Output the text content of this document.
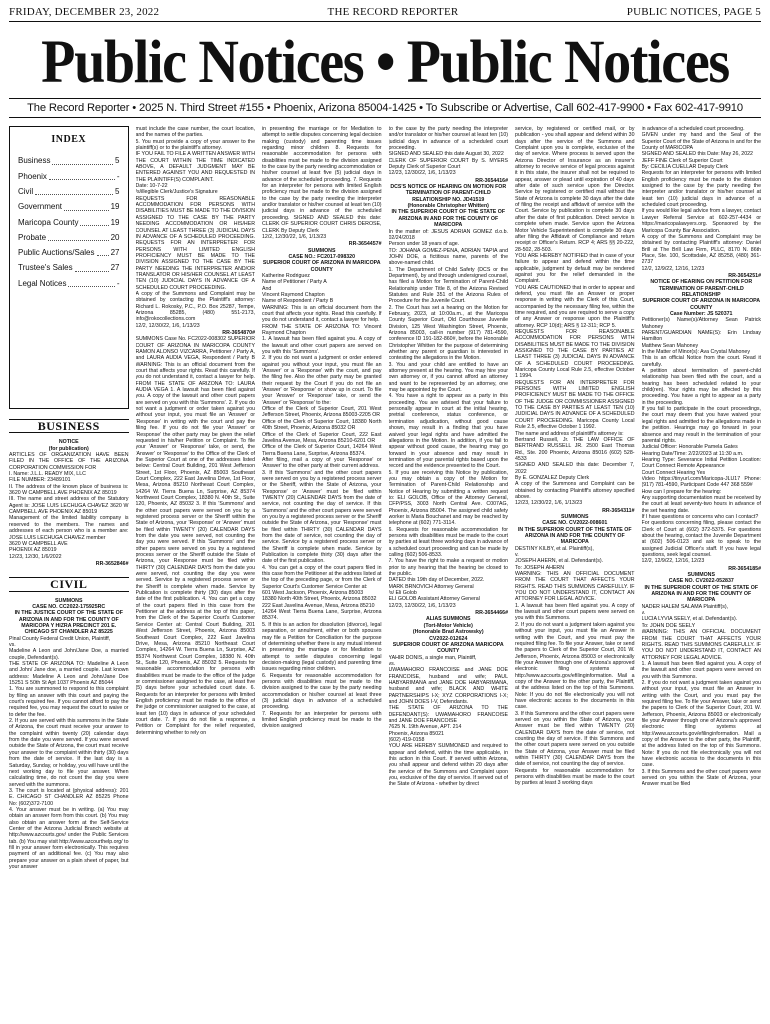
FRIDAY, DECEMBER 23, 2022	THE RECORD REPORTER	PUBLIC NOTICES, PAGE 5
Public Notices • Public Notices
The Record Reporter • 2025 N. Third Street #155 • Phoenix, Arizona 85004-1425 • To Subscribe or Advertise, Call 602-417-9900 • Fax 602-417-9910
INDEX
Business	5
Phoenix	-
Civil	5
Government	19
Maricopa County	19
Probate	20
Public Auctions/Sales 27
Trustee's Sales	27
Legal Notices	-
BUSINESS

NOTICE

(for publication)

ARTICLES OF ORGANIZATION HAVE BEEN FILED IN THE OFFICE OF THE ARIZONA CORPORATION COMMISSION FOR

I. Name: J.L.L. READY MIX, LLC

FILE NUMBER: 23489101

II. The address of the known place of business is: 3620 W CAMPBELL AVE PHOENIX AZ 85019

III. The name and street address of the Statutory Agent is: JOSE LUIS LECHUGA CHAVEZ 3620 W CAMPBELL AVE PHOENIX AZ 85019

Management of the limited liability company is reserved to the members. The names and addresses of each person who is a member are: JOSE LUIS LECHUGA CHAVEZ member

3620 W CAMPBELL AVE

PHOENIX AZ 85019

12/23, 12/30, 1/6/2022

RR-3652846#

CIVIL

SUMMONS

CASE NO. CC2022-175925RC

IN THE JUSTICE COURT OF THE STATE OF ARIZONA IN AND FOR THE COUNTY OF MARICOPA Y HIZRA PRECINCT 201 E. CHICAGO ST CHANDLER AZ 85225

Pinal County Federal Credit Union, Plaintiff,

vs.

Madeline A Leon and John/Jane Doe, a married couple, Defendant(s).

THE STATE OF ARIZONA TO: Madeline A Leon and John/ Jane doe, a married couple. Last known address: Madeline A Leon and John/Jane Doe 15251 S 50th St Apt 1037 Phoenix AZ 85044

1. You are summoned to respond to this complaint by filing an answer with this court and paying the court's required fee. If you cannot afford to pay the required fee, you may request the court to waive or to defer the fee.

2. If you are served with this summons in the State of Arizona, the court must receive your answer to the complaint within twenty (20) calendar days from the date you were served. If you were served outside the State of Arizona, the court must receive your answer to the complaint within thirty (30) days from the date of service. If the last day is a Saturday, Sunday, or holiday, you will have until the next working day to file your answer. When calculating time, do not count the day you were served with the summons.

3. The court is located at (physical address): 201 E. CHICAGO ST CHANDLER AZ 85225 Phone No: (602)372-7100

4. Your answer must be in writing. (a) You may obtain an answer form from this court. (b) You may also obtain an answer form at the Self-Service Center of the Arizona Judicial Branch website at http://www.azcourts.gov/ under the Public Services tab. (b) You may visit http://www.azcourthelp.org/ to fill in your answer form electronically. This requires payment of an additional fee. (c) You may also prepare your answer on a plain sheet of paper, but your answer

must include the case number, the court location, and the names of the parties.

5. You must provide a copy of your answer to the plaintiff(s) or to the plaintiff's attorney.

IF YOU FAIL TO FILE A WRITTEN ANSWER WITH THE COURT WITHIN THE TIME INDICATED ABOVE, A DEFAULT JUDGMENT MAY BE ENTERED AGAINST YOU AND REQUESTED IN THE PLAINTIFF(S) COMPLAINT.

Date: 10-7-22

/s/illegible Clerk/Justice's Signature

REQUESTS FOR REASONABLE ACCOMMODATION FOR PERSONS WITH DISABILITIES MUST BE MADE TO THE DIVISION ASSIGNED TO THE CASE BY THE PARTY NEEDING ACCOMMODATION OR HIS/HER COUNSEL AT LEAST THREE (3) JUDICIAL DAYS IN ADVANCE OF A SCHEDULED PROCEEDING. REQUESTS FOR AN INTERPRETER FOR PERSONS WITH LIMITED ENGLISH PROFICIENCY MUST BE MADE TO THE DIVISION ASSIGNED TO THE CASE BY THE PARTY NEEDING THE INTERPRETER AND/OR TRANSLATOR OR HIS/HER COUNSEL AT LEAST TEN (10) JUDICIAL DAYS IN ADVANCE OF A SCHEDULED COURT PROCEEDING.

A copy of the Summons and Complaint may be obtained by contacting the Plaintiff's attorney: Richard L. Rokosky, P.C., P.O. Box 25287, Tempe, Arizona 85285, (480) 551-2173, info@rokocollections.com

12/2, 12/30/22, 1/6, 1/13/23

RR-3654870#

SUMMONS Case No. FC2022-008302 SUPERIOR COURT OF ARIZONA IN MARICOPA COUNTY RAMON ALONSO VIZCARRA, Petitioner / Party A, and LAURA AUDIA VEGA, Respondent / Party B WARNING: This is an official document from the court that affects your rights. Read this carefully. If you do not understand it, contact a lawyer for help. FROM THE STATE OF ARIZONA TO: LAURA AUDIA VEGA 1. A lawsuit has been filed against you. A copy of the lawsuit and other court papers are served on you with this 'Summons'. 2. If you do not want a judgment or order taken against you without your input, you must file an 'Answer' or 'Response' in writing with the court and pay the filing fee. If you do not file your 'Answer' or 'Response' the other party may be given the relief requested in his/her Petition or Complaint. To file your 'Answer' or 'Response' take, or send, the 'Answer' or 'Response' to the Office of the Clerk of the Superior Court at one of the addresses listed below: Central Court Building, 201 West Jefferson Street, 1st Floor, Phoenix, AZ 85003 Southeast Court Complex, 222 East Javelina Drive, 1st Floor, Mesa, Arizona 85210 Northeast Court Complex, 14264 W. Tierra Buena Ln, Surprise, AZ 85374 Northwest Court Complex, 18380 N. 40th St., Suite 120, Phoenix, AZ 85032 3. If this 'Summons' and the other court papers were served on you by a registered process server or the Sheriff within the State of Arizona, your 'Response' or 'Answer' must be filed within TWENTY (20) CALENDAR DAYS from the date you were served, not counting the day you were served. If this 'Summons' and the other papers were served on you by a registered process server or the Sheriff outside the State of Arizona, your Response must be filed within THIRTY (30) CALENDAR DAYS from the date you were served, not counting the day you were served. Service by a registered process server or the Sheriff is complete when made. Service by Publication is complete thirty (30) days after the date of the first publication. 4. You can get a copy of the court papers filed in this case from the Petitioner at the address at the top of this paper, from the Clerk of the Superior Court's Customer Service Center at: Central Court Building, 201 West Jefferson Street, Phoenix, Arizona 85003 Southeast Court Complex, 222 East Javelina Drive, Mesa, Arizona 85210 Northeast Court Complex, 14264 W. Tierra Buena Ln, Surprise, AZ 85374 Northwest Court Complex, 18380 N. 40th St., Suite 120, Phoenix, AZ 85032 5. Requests for reasonable accommodation for persons with disabilities must be made to the office of the judge or commissioner assigned to the case, at least five (5) days before your scheduled court date. 6. Requests for an interpreter for persons with limited English proficiency must be made to the office of the judge or commissioner assigned to the case, at least ten (10) days in advance of your scheduled court date. 7. If you do not file a response, a Petition or Complaint for the relief requested, determining whether to rely on

in presenting the marriage or for Mediation to attempt to settle disputes concerning legal decision making (custody) and parenting time issues regarding minor children 8. Requests for reasonable accommodation for persons with disabilities must be made to the division assigned to the case by the party needing accommodation or his/her counsel at least five (5) judicial days in advance of the scheduled proceeding. 7. Requests for an interpreter for persons with limited English proficiency must be made to the division assigned to the case by the party needing the interpreter and/or translator or his/her counsel at least ten (10) judicial days in advance of the scheduled proceeding. SIGNED AND SEALED this date: CLERK OF SUPERIOR COURT CHRIS DEROSE, CLERK By Deputy Clerk

12/2, 12/30/22, 1/6, 1/13/23

RR-3654457#

SUMMONS

CASE NO.: FC2017-098320

SUPERIOR COURT OF ARIZONA IN MARICOPA COUNTY

Katherine Rodriguez

Name of Petitioner / Party A

And

Vincent Raymond Chapton

Name of Respondent / Party B

WARNING: This is an official document from the court that affects your rights. Read this carefully. If you do not understand it, contact a lawyer for help.

FROM THE STATE OF ARIZONA TO: Vincent Raymond Chapton

1. A lawsuit has been filed against you. A copy of the lawsuit and other court papers are served on you with this 'Summons'.

2. If you do not want a judgment or order entered against you without your input, you must file an 'Answer' or a 'Response' with the court, and pay the filing fee. Also the other party may be granted their request by the Court if you do not file an 'Answer' or 'Response' or show up in court. To file your 'Answer' or 'Response' take, or send the 'Answer' or 'Response' to the:

Office of the Clerk of Superior Court, 201 West Jefferson Street, Phoenix, Arizona 85003-2205 OR

Office of the Clerk of Superior Court, 18380 North 40th Street, Phoenix, Arizona 85032 OR

Office of the Clerk of Superior Court, 222 East Javelina Avenue, Mesa, Arizona 85210-6201 OR

Office of the Clerk of Superior Court, 14264 West Tierra Buena Lane, Surprise, Arizona 85374.

After filing, mail a copy of your 'Response' or 'Answer' to the other party at their current address.

3. If this 'Summons' and the other court papers were served on you by a registered process server or the Sheriff, within the State of Arizona, your 'Response' or 'Answer' must be filed within TWENTY (20) CALENDAR DAYS from the date of service, not counting the day of service. If this 'Summons' and the other court papers were served on you by a registered process server or the Sheriff outside the State of Arizona, your 'Response' must be filed within THIRTY (30) CALENDAR DAYS from the date of service, not counting the day of service. Service by a registered process server or the Sheriff is complete when made. Service by Publication is complete thirty (30) days after the date of the first publication.

4. You can get a copy of the court papers filed in this case from the Petitioner at the address listed at the top of the preceding page, or from the Clerk of Superior Court's Customer Service Center at:

601 West Jackson, Phoenix, Arizona 85003

18380 North 40th Street, Phoenix, Arizona 85032

222 East Javelina Avenue, Mesa, Arizona 85210

14264 West Tierra Buena Lane, Surprise, Arizona 85374.

5. If this is an action for dissolution (divorce), legal separation, or annulment, either or both spouses may file a Petition for Conciliation for the purpose of determining whether there is any mutual interest in preserving the marriage or for Mediation to attempt to settle disputes concerning legal decision-making (legal custody) and parenting time issues regarding minor children.

6. Requests for reasonable accommodation for persons with disabilities must be made to the division assigned to the case by the party needing accommodation or his/her counsel at least three (3) judicial days in advance of a scheduled proceeding.

7. Requests for an interpreter for persons with limited English proficiency must be made to the division assigned

to the case by the party needing the interpreter and/or translator or his/her counsel at least ten (10) judicial days in advance of a scheduled court proceeding.

SIGNED AND SEALED this date August 30, 2022

CLERK OF SUPERIOR COURT By S. MYERS Deputy Clerk of Superior Court

12/23, 12/30/22, 1/6, 1/13/23

RR-3654416#

DCS'S NOTICE OF HEARING ON MOTION FOR TERMINATION OF PARENT-CHILD RELATIONSHIP NO. JD41519

(Honorable Christopher Whitten)

IN THE SUPERIOR COURT OF THE STATE OF ARIZONA IN AND FOR THE COUNTY OF MARICOPA

In the matter of: JESUS ADRIAN GOMEZ d.o.b. 02/24/2018

Person under 18 years of age.

TO: JOHANA GOMEZ-PENA, ADRIAN TAPIA and JOHN DOE, a fictitious name, parents of the above-named child.

1. The Department of Child Safety (DCS or the Department), by and through undersigned counsel, has filed a Motion for Termination of Parent-Child Relationship under Title 8, of the Arizona Revised Statutes and Rule 351 of the Arizona Rules of Procedure for the Juvenile Court.

2. The Court has set a hearing on the Motion for February, 2023, at 10:00a.m., at the Maricopa County Superior Court, Old Courthouse Juvenile Division, 125 West Washington Street, Phoenix, Arizona 85003, call-in number (917) 781-4590, conference ID 191-182-860#, before the Honorable Christopher Whitten for the purpose of determining whether any parent or guardian is interested in contesting the allegations in the Motion.

3. You and your child are entitled to have an attorney present at the hearing. You may hire your own attorney or, if you cannot afford an attorney and want to be represented by an attorney, one may be appointed by the Court.

4. You have a right to appear as a party in this proceeding. You are advised that your failure to personally appear in court at the initial hearing, pretrial conference, status conference, or termination adjudication, without good cause shown, may result in a finding that you have waived your legal rights and have admitted the allegations in the Motion. In addition, if you fail to appear without good cause, the hearing may go forward in your absence and may result in termination of your parental rights based upon the record and the evidence presented to the Court.

5. If you are receiving this Notice by publication, you may obtain a copy of the Motion for Termination of Parent-Child Relationship and Notice of Hearing by submitting a written request to: ELI GOLOB, Office of the Attorney General, CFP/PSS, 3003 North Central Ave. C007AG, Phoenix, Arizona 85004. The assigned child safety worker is Maria Bouchanet and may be reached by telephone at (602) 771-3114.

6. Requests for reasonable accommodation for persons with disabilities must be made to the court by parties at least three working days in advance of a scheduled court proceeding and can be made by calling (602) 506-8533.

7. You have the right to make a request or motion prior to any hearing that the hearing be closed to the public.

DATED this 19th day of December, 2022.

MARK BRNOVICH Attorney General

/s/ Eli Golob

ELI GOLOB Assistant Attorney General

12/23, 12/30/22, 1/6, 1/13/23

RR-3654466#

ALIAS SUMMONS

(Tort-Motor Vehicle)

(Honorable Brad Astrowsky)

CV2022-012624

SUPERIOR COURT OF ARIZONA MARICOPA COUNTY

YAHIR DONIS, a single man, Plaintiff,

vs.

UWAMAHORO FRANCOISE and JANE DOE FRANCOISE, husband and wife; PAUL HABYARIMANA and JANE DOE HABYARIMANA, husband and wife; BLACK AND WHITE PARTNERSHIPS I-X; XYZ CORPORATIONS I-X; and JOHN DOES I-V, Defendants.

THE STATE OF ARIZONA TO THE DEFENDANT(S): UWAMAHORO FRANCOISE and JANE DOE FRANCOISE

7625 N. 19th Avenue, APT. 214

Phoenix, Arizona 85021

(602) 419-0158

YOU ARE HEREBY SUMMONED and required to appear and defend, within the time applicable, in this action in this Court. If served within Arizona, you shall appear and defend within 20 days after the service of the Summons and Complaint upon you, exclusive of the day of service. If served out of the State of Arizona - whether by direct

service, by registered or certified mail, or by publication - you shall appear and defend within 30 days after the service of the Summons and Complaint upon you is complete, exclusive of the day of service. Where process is served upon the Arizona Director of Insurance as an insurer's attorney to receive service of legal process against it in this state, the insurer shall not be required to appear, answer or plead until expiration of 40 days after date of such service upon the Director. Service by registered or certified mail without the State of Arizona is complete 30 days after the date of filing the receipt and affidavit of service with the Court. Service by publication is complete 30 days after the date of first publication. Direct service is complete when made. Service upon the Arizona Motor Vehicle Superintendent is complete 30 days after filing the Affidavit of Compliance and return receipt or Officer's Return. RCP 4; ARS §§ 20-222, 28-502, 28-503.

YOU ARE HEREBY NOTIFIED that in case of your failure to appear and defend within the time applicable, judgment by default may be rendered against you for the relief demanded in the Complaint.

YOU ARE CAUTIONED that in order to appear and defend, you must file an Answer or proper response in writing with the Clerk of this Court, accompanied by the necessary filing fee, within the time required, and you are required to serve a copy of any Answer or response upon the Plaintiff's attorney. RCP 10(d); ARS § 12-311; RCP 5.

REQUESTS FOR REASONABLE ACCOMMODATION FOR PERSONS WITH DISABILITIES MUST BE MADE TO THE DIVISION ASSIGNED TO THE CASE BY PARTIES AT LEAST THREE (3) JUDICIAL DAYS IN ADVANCE OF A SCHEDULED COURT PROCEEDING. Maricopa County Local Rule 2.5, effective October 1 1994.

REQUESTS FOR AN INTERPRETER FOR PERSONS WITH LIMITED ENGLISH PROFICIENCY MUST BE MADE TO THE OFFICE OF THE JUDGE OR COMMISSIONER ASSIGNED TO THE CASE BY PARTIES AT LEAST TEN (10) JUDICIAL DAYS IN ADVANCE OF A SCHEDULED COURT PROCEEDING. Maricopa County Local Rule 2.5, effective October 1 1992.

The name and address of plaintiff's attorney is:

Bertrand Russell, Jr. THE LAW OFFICE OF BERTRAND RUSSELL JR. 2500 East Thomas Rd., Ste. 200 Phoenix, Arizona 85016 (602) 528-4533

SIGNED AND SEALED this date: December 7, 2022

By E. GONZALEZ Deputy Clerk

A copy of the Summons and Complaint can be obtained by contacting Plaintiff's attorney specified above.

12/23, 12/30/22, 1/6, 1/13/23

RR-3654311#

SUMMONS

CASE NO. CV2022-008601

IN THE SUPERIOR COURT OF THE STATE OF ARIZONA IN AND FOR THE COUNTY OF MARICOPA

DESTINY KILBY, et al. Plaintiff(s),

v.

JOSEPH AHERN, et al. Defendant(s).

To: JOSEPH AHERN

WARNING: THIS AN OFFICIAL DOCUMENT FROM THE COURT THAT AFFECTS YOUR RIGHTS. READ THIS SUMMONS CAREFULLY. IF YOU DO NOT UNDERSTAND IT, CONTACT AN ATTORNEY FOR LEGAL ADVICE.

1. A lawsuit has been filed against you. A copy of the lawsuit and other court papers were served on you with this Summons.

2. If you do not want a judgment taken against you without your input, you must file an Answer in writing with the Court, and you must pay the required filing fee. To file your Answer, take or send the papers to Clerk of the Superior Court, 201 W. Jefferson, Phoenix, Arizona 85003 or electronically file your Answer through one of Arizona's approved electronic filing systems at http://www.azcourts.gov/efilinginformation. Mail a copy of the Answer to the other party, the Plaintiff, at the address listed on the top of this Summons. Note: If you do not file electronically you will not have electronic access to the documents in this case.

3. If this Summons and the other court papers were served on you within the State of Arizona, your Answer must be filed within TWENTY (20) CALENDAR DAYS from the date of service, not counting the day of service. If this Summons and the other court papers were served on you outside the State of Arizona, your Answer must be filed within THIRTY (30) CALENDAR DAYS from the date of service, not counting the day of service.

Requests for reasonable accommodation for persons with disabilities must be made to the court by parties at least 3 working days

in advance of a scheduled court proceeding.

GIVEN under my hand and the Seal of the Superior Court of the State of Arizona in and for the County of MARICOPA

SIGNED AND SEALED this Date: May 26, 2022

JEFF FINE Clerk of Superior Court

By: CECILIA CUELLAR Deputy Clerk

Requests for an interpreter for persons with limited English proficiency must be made to the division assigned to the case by the party needing the interpreter and/or translator or his/her counsel at least ten (10) judicial days in advance of a scheduled court proceeding.

If you would like legal advice from a lawyer, contact Lawyer Referral Service at 602-257-4434 or https://maricopalawyers.org. Sponsored by the Maricopa County Bar Association.

A copy of the Summons and Complaint may be obtained by contacting Plaintiff's attorney: Daniel Brill at The Brill Law Firm, PLLC, 8170 N. 86th Place, Ste. 100, Scottsdale, AZ 85258, (480) 361-2737

12/2, 12/9/22, 12/16, 12/23

RR-3654251#

NOTICE OF HEARING ON PETITION FOR TERMINATION OF PARENT-CHILD RELATIONSHIP

SUPERIOR COURT OF ARIZONA IN MARICOPA COUNTY

Case Number: JS 520371

Petitioner(s) Name(s)/Attorney Sean Patrick Mahoney

PARENT/GUARDIAN NAME(S): Erin Lindsay Hamilton

Matthew Sean Mahoney

In the Matter of Minor(s): Ava Crystal Mahoney

This is an official Notice from the court. Read it carefully.

A petition about termination of parent-child relationship has been filed with the court, and a hearing has been scheduled related to your child(ren). Your rights may be affected by this proceeding. You have a right to appear as a party in the proceeding.

If you fail to participate in the court proceedings, the court may deem that you have waived your legal rights and admitted to the allegations made in the petition. Hearings may go forward in your absence and may result in the termination of your parental rights.

Judicial Officer: Honorable Pamela Gates

Hearing Date/Time: 2/22/2023 at 11:30 a.m.

Hearing Type: Severance Initial Petition Location: Court Connect Remote Appearance

Court Connect Hearing Yes

Video https://tinyurl.com/Maricopa-JLU17 Phone: (917) 781-4590, Participant Code 447 368 559#

How can I prepare for the hearing:

Any supporting documentation must be received by the court at least seventy-two hours in advance of the set hearing date.

If I have questions or concerns who can I contact?

For questions concerning filing, please contact the Clerk of Court at (602) 372-5375. For questions about the hearing, contact the Juvenile Department at (602) 506-0123 and ask to speak to the assigned Judicial Officer's staff. If you have legal questions, seek legal counsel.

12/2, 12/9/22, 12/16, 12/23

RR-3654185#

SUMMONS

CASE NO. CV2022-052837

IN THE SUPERIOR COURT OF THE STATE OF ARIZONA IN AND FOR THE COUNTY OF MARICOPA

NADER HALEM SALAMA Plaintiff(s),

v.

LUCIA LYVIA SEELY, et al. Defendant(s).

To: JOHN DOE SEELY

WARNING: THIS AN OFFICIAL DOCUMENT FROM THE COURT THAT AFFECTS YOUR RIGHTS. READ THIS SUMMONS CAREFULLY. IF YOU DO NOT UNDERSTAND IT, CONTACT AN ATTORNEY FOR LEGAL ADVICE.

1. A lawsuit has been filed against you. A copy of the lawsuit and other court papers were served on you with this Summons.

2. If you do not want a judgment taken against you without your input, you must file an Answer in writing with the Court, and you must pay the required filing fee. To file your Answer, take or send the papers to Clerk of the Superior Court, 201 W. Jefferson, Phoenix, Arizona 85003 or electronically file your Answer through one of Arizona's approved electronic filing systems at http://www.azcourts.gov/efilinginformation. Mail a copy of the Answer to the other party, the Plaintiff, at the address listed on the top of this Summons. Note: If you do not file electronically you will not have electronic access to the documents in this case.

3. If this Summons and the other court papers were served on you within the State of Arizona, your Answer must be filed
